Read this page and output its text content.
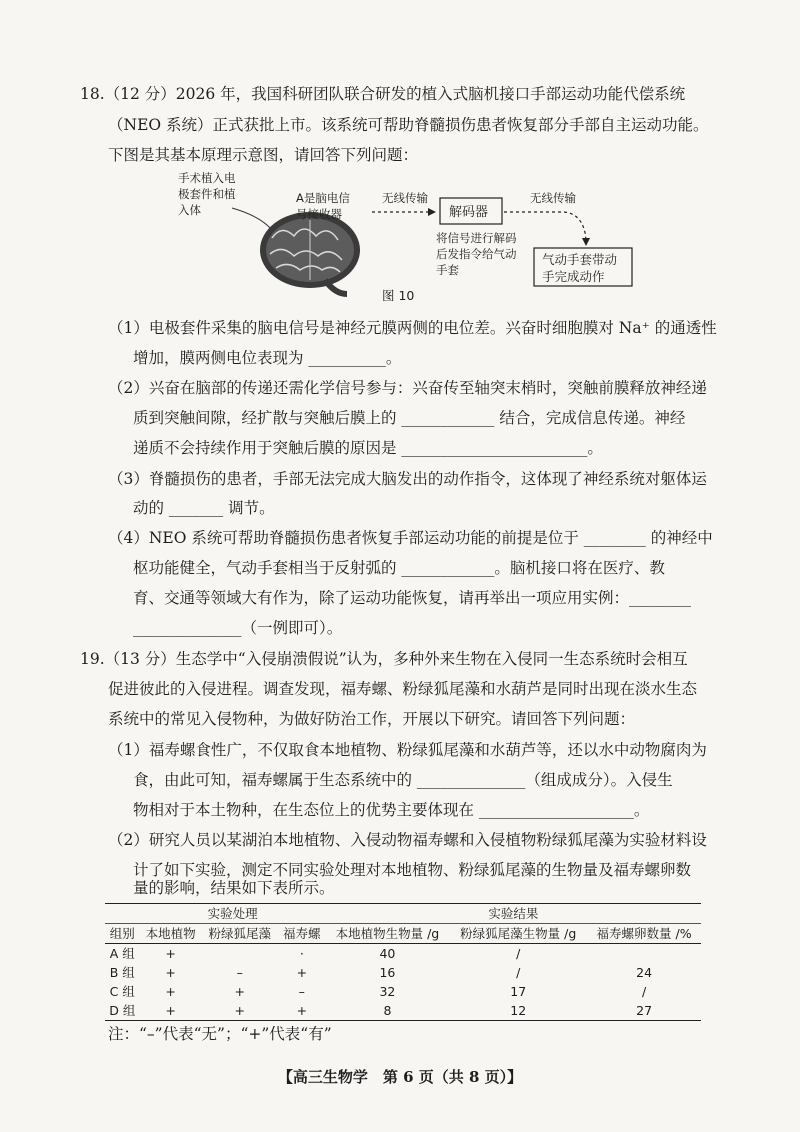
18.（12 分）2026 年，我国科研团队联合研发的植入式脑机接口手部运动功能代偿系统
（NEO 系统）正式获批上市。该系统可帮助脊髓损伤患者恢复部分手部自主运动功能。
下图是其基本原理示意图，请回答下列问题：
手术植入电
极套件和植
入体
A是脑电信
号接收器
无线传输
解码器
无线传输
将信号进行解码
后发指令给气动
手套
气动手套带动
手完成动作
图 10
（1）电极套件采集的脑电信号是神经元膜两侧的电位差。兴奋时细胞膜对 Na⁺ 的通透性
增加，膜两侧电位表现为 __________。
（2）兴奋在脑部的传递还需化学信号参与：兴奋传至轴突末梢时，突触前膜释放神经递
质到突触间隙，经扩散与突触后膜上的 ____________ 结合，完成信息传递。神经
递质不会持续作用于突触后膜的原因是 ________________________。
（3）脊髓损伤的患者，手部无法完成大脑发出的动作指令，这体现了神经系统对躯体运
动的 _______ 调节。
（4）NEO 系统可帮助脊髓损伤患者恢复手部运动功能的前提是位于 ________ 的神经中
枢功能健全，气动手套相当于反射弧的 ____________。脑机接口将在医疗、教
育、交通等领域大有作为，除了运动功能恢复，请再举出一项应用实例：________
______________（一例即可）。
19.（13 分）生态学中“入侵崩溃假说”认为，多种外来生物在入侵同一生态系统时会相互
促进彼此的入侵进程。调查发现，福寿螺、粉绿狐尾藻和水葫芦是同时出现在淡水生态
系统中的常见入侵物种，为做好防治工作，开展以下研究。请回答下列问题：
（1）福寿螺食性广，不仅取食本地植物、粉绿狐尾藻和水葫芦等，还以水中动物腐肉为
食，由此可知，福寿螺属于生态系统中的 ______________（组成成分）。入侵生
物相对于本土物种，在生态位上的优势主要体现在 ____________________。
（2）研究人员以某湖泊本地植物、入侵动物福寿螺和入侵植物粉绿狐尾藻为实验材料设
计了如下实验，测定不同实验处理对本地植物、粉绿狐尾藻的生物量及福寿螺卵数
量的影响，结果如下表所示。
	实验处理			实验结果		
组别	本地植物	粉绿狐尾藻	福寿螺	本地植物生物量 /g	粉绿狐尾藻生物量 /g	福寿螺卵数量 /%
A 组	+		·	40	/	
B 组	+	–	+	16	/	24
C 组	+	+	–	32	17	/
D 组	+	+	+	8	12	27
注：“–”代表“无”；“+”代表“有”
【高三生物学　第 6 页（共 8 页）】
